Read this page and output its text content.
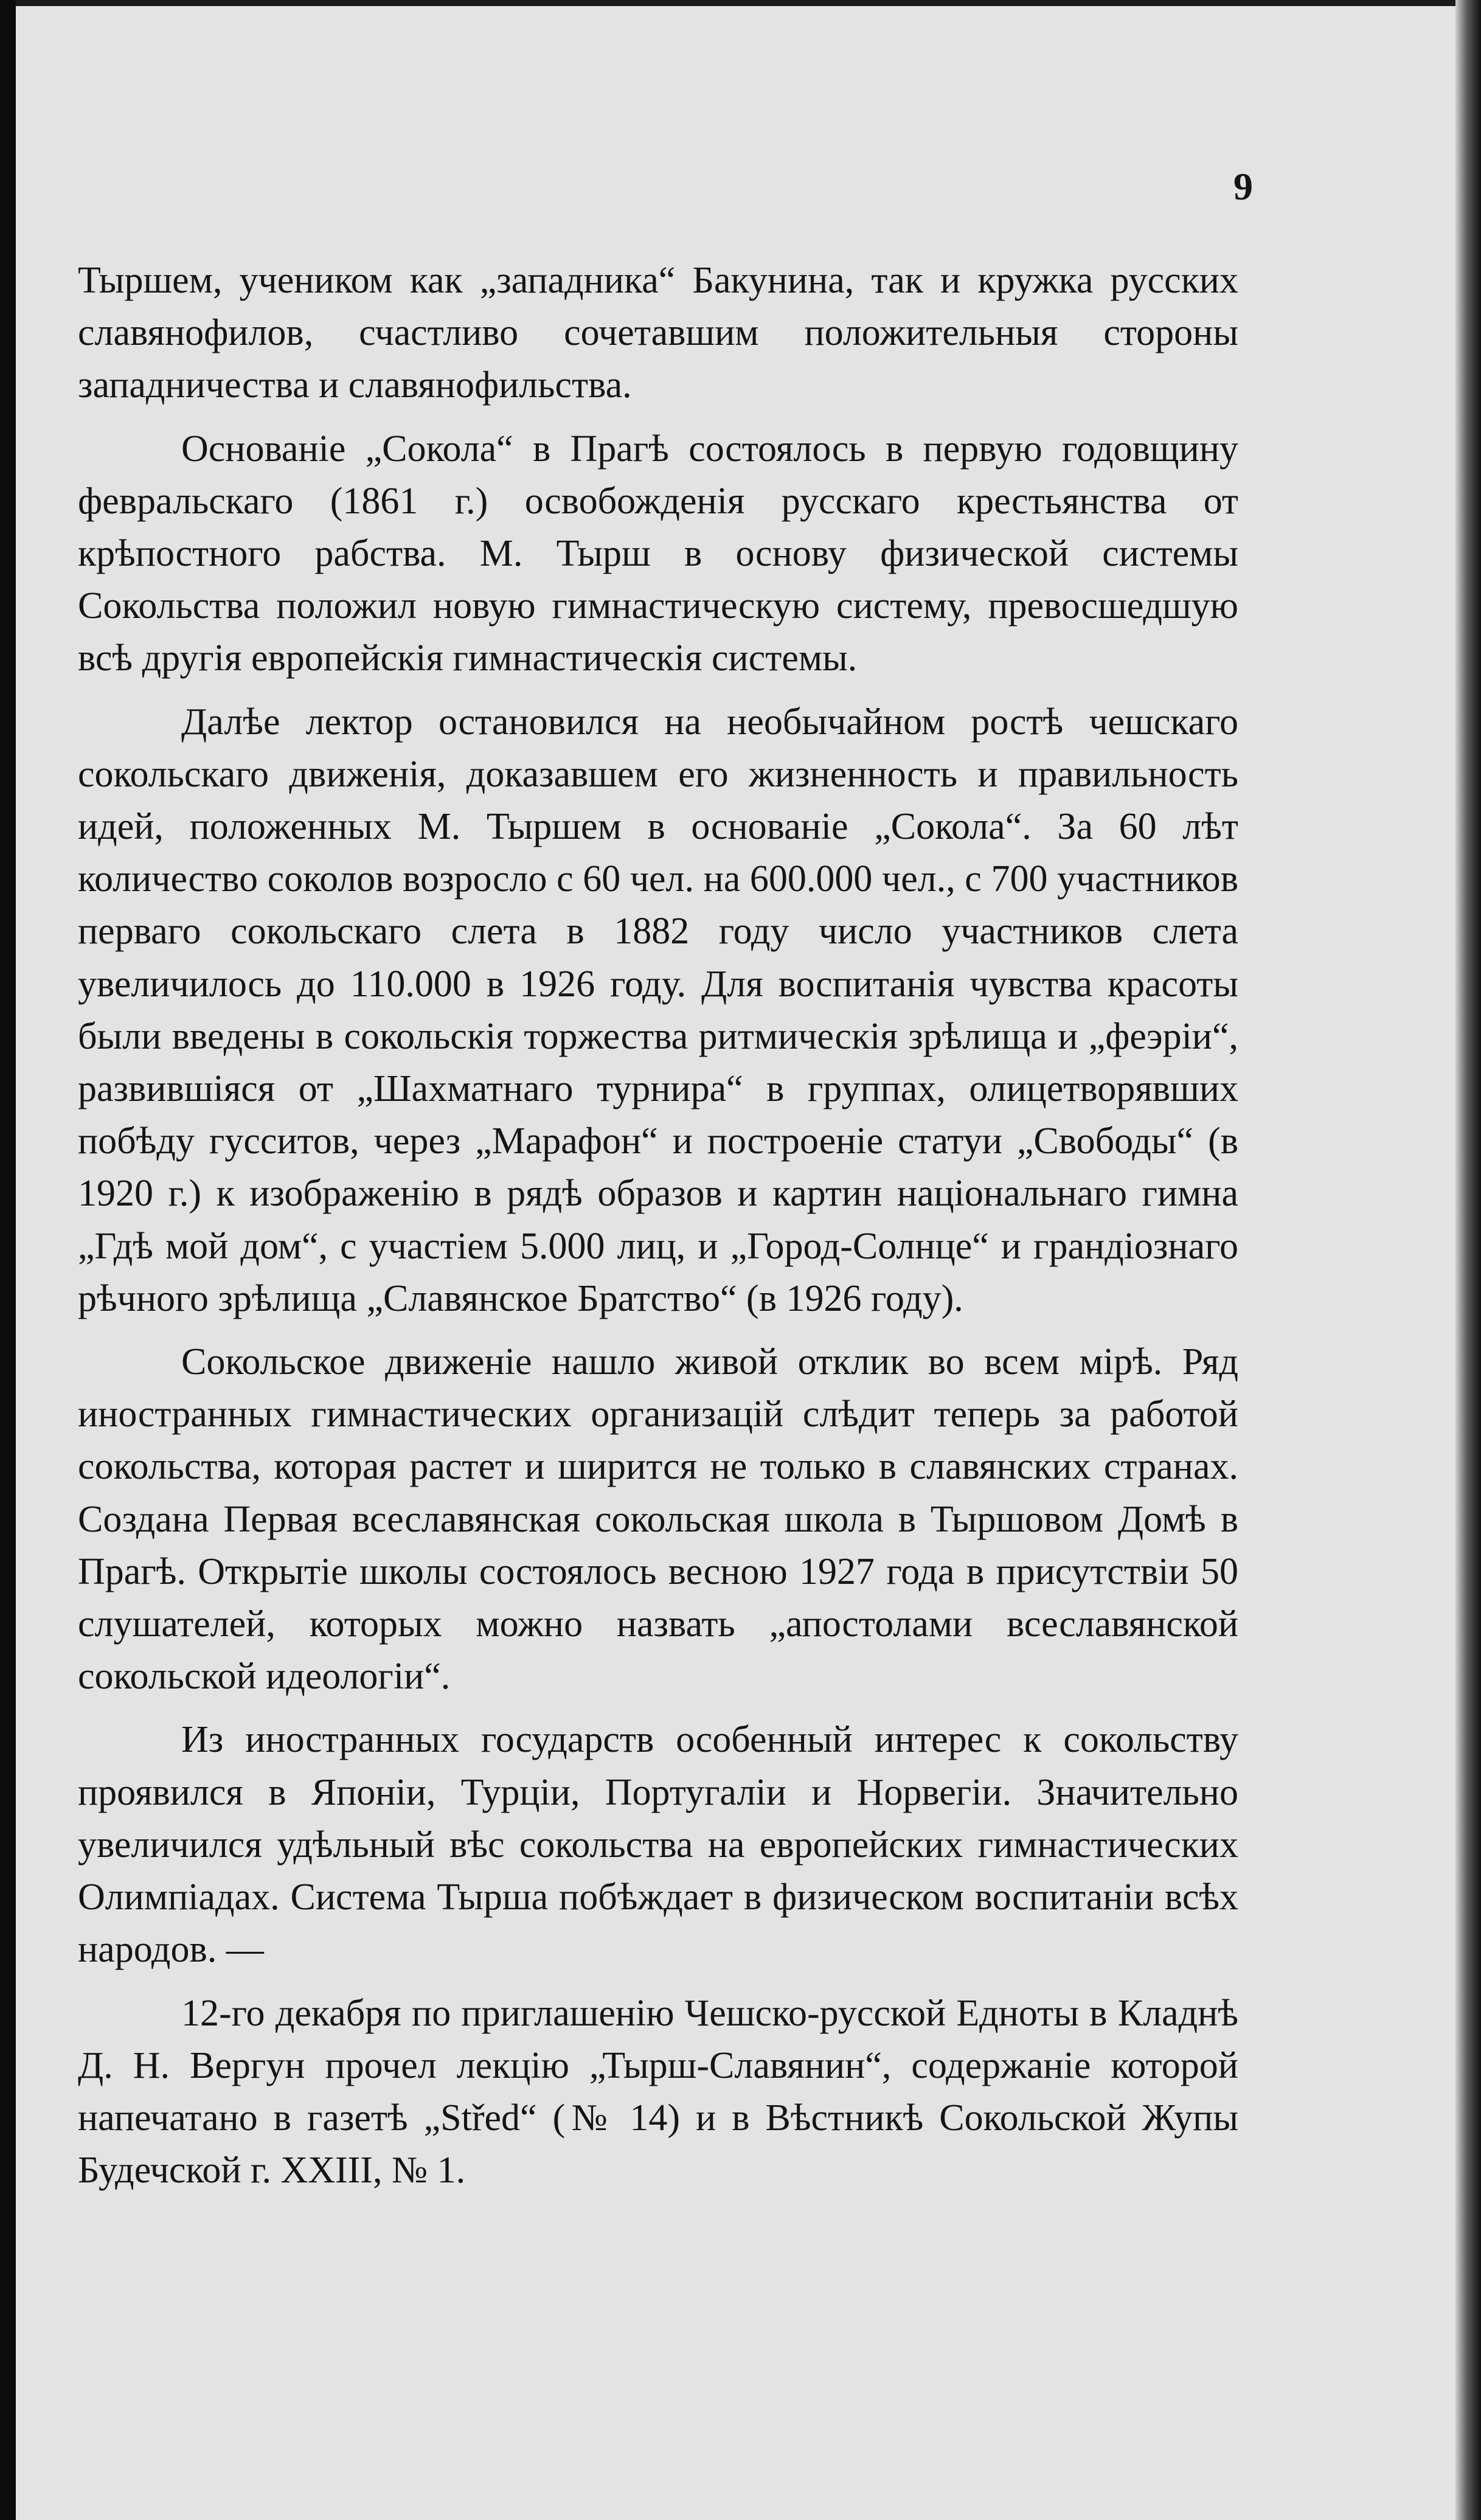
9

Тыршем, учеником как „западника“ Бакунина, так и кружка русских славянофилов, счастливо сочетавшим положительныя стороны западничества и славянофильства.

Основаніе „Сокола“ в Прагѣ состоялось в первую годовщину февральскаго (1861 г.) освобожденія русскаго крестьянства от крѣпостного рабства. М. Тырш в основу физической системы Сокольства положил новую гимнастическую систему, превосшедшую всѣ другія европейскія гимнастическія системы.

Далѣе лектор остановился на необычайном ростѣ чешскаго сокольскаго движенія, доказавшем его жизненность и правильность идей, положенных М. Тыршем в основаніе „Сокола“. За 60 лѣт количество соколов возросло с 60 чел. на 600.000 чел., с 700 участников перваго сокольскаго слета в 1882 году число участников слета увеличилось до 110.000 в 1926 году. Для воспитанія чувства красоты были введены в сокольскія торжества ритмическія зрѣлища и „феэріи“, развившіяся от „Шахматнаго турнира“ в группах, олицетворявших побѣду гусситов, через „Марафон“ и построеніе статуи „Свободы“ (в 1920 г.) к изображенію в рядѣ образов и картин національнаго гимна „Гдѣ мой дом“, с участіем 5.000 лиц, и „Город-Солнце“ и грандіознаго рѣчного зрѣлища „Славянское Братство“ (в 1926 году).

Сокольское движеніе нашло живой отклик во всем мірѣ. Ряд иностранных гимнастических организацій слѣдит теперь за работой сокольства, которая растет и ширится не только в славянских странах. Создана Первая всеславянская сокольская школа в Тыршовом Домѣ в Прагѣ. Открытіе школы состоялось весною 1927 года в присутствіи 50 слушателей, которых можно назвать „апостолами всеславянской сокольской идеологіи“.

Из иностранных государств особенный интерес к сокольству проявился в Японіи, Турціи, Португаліи и Норвегіи. Значительно увеличился удѣльный вѣс сокольства на европейских гимнастических Олимпіадах. Система Тырша побѣждает в физическом воспитаніи всѣх народов. —

12-го декабря по приглашенію Чешско-русской Едноты в Кладнѣ Д. Н. Вергун прочел лекцію „Тырш-Славянин“, содержаніе которой напечатано в газетѣ „Střed“ (№ 14) и в Вѣстникѣ Сокольской Жупы Будечской г. XXIII, № 1.
